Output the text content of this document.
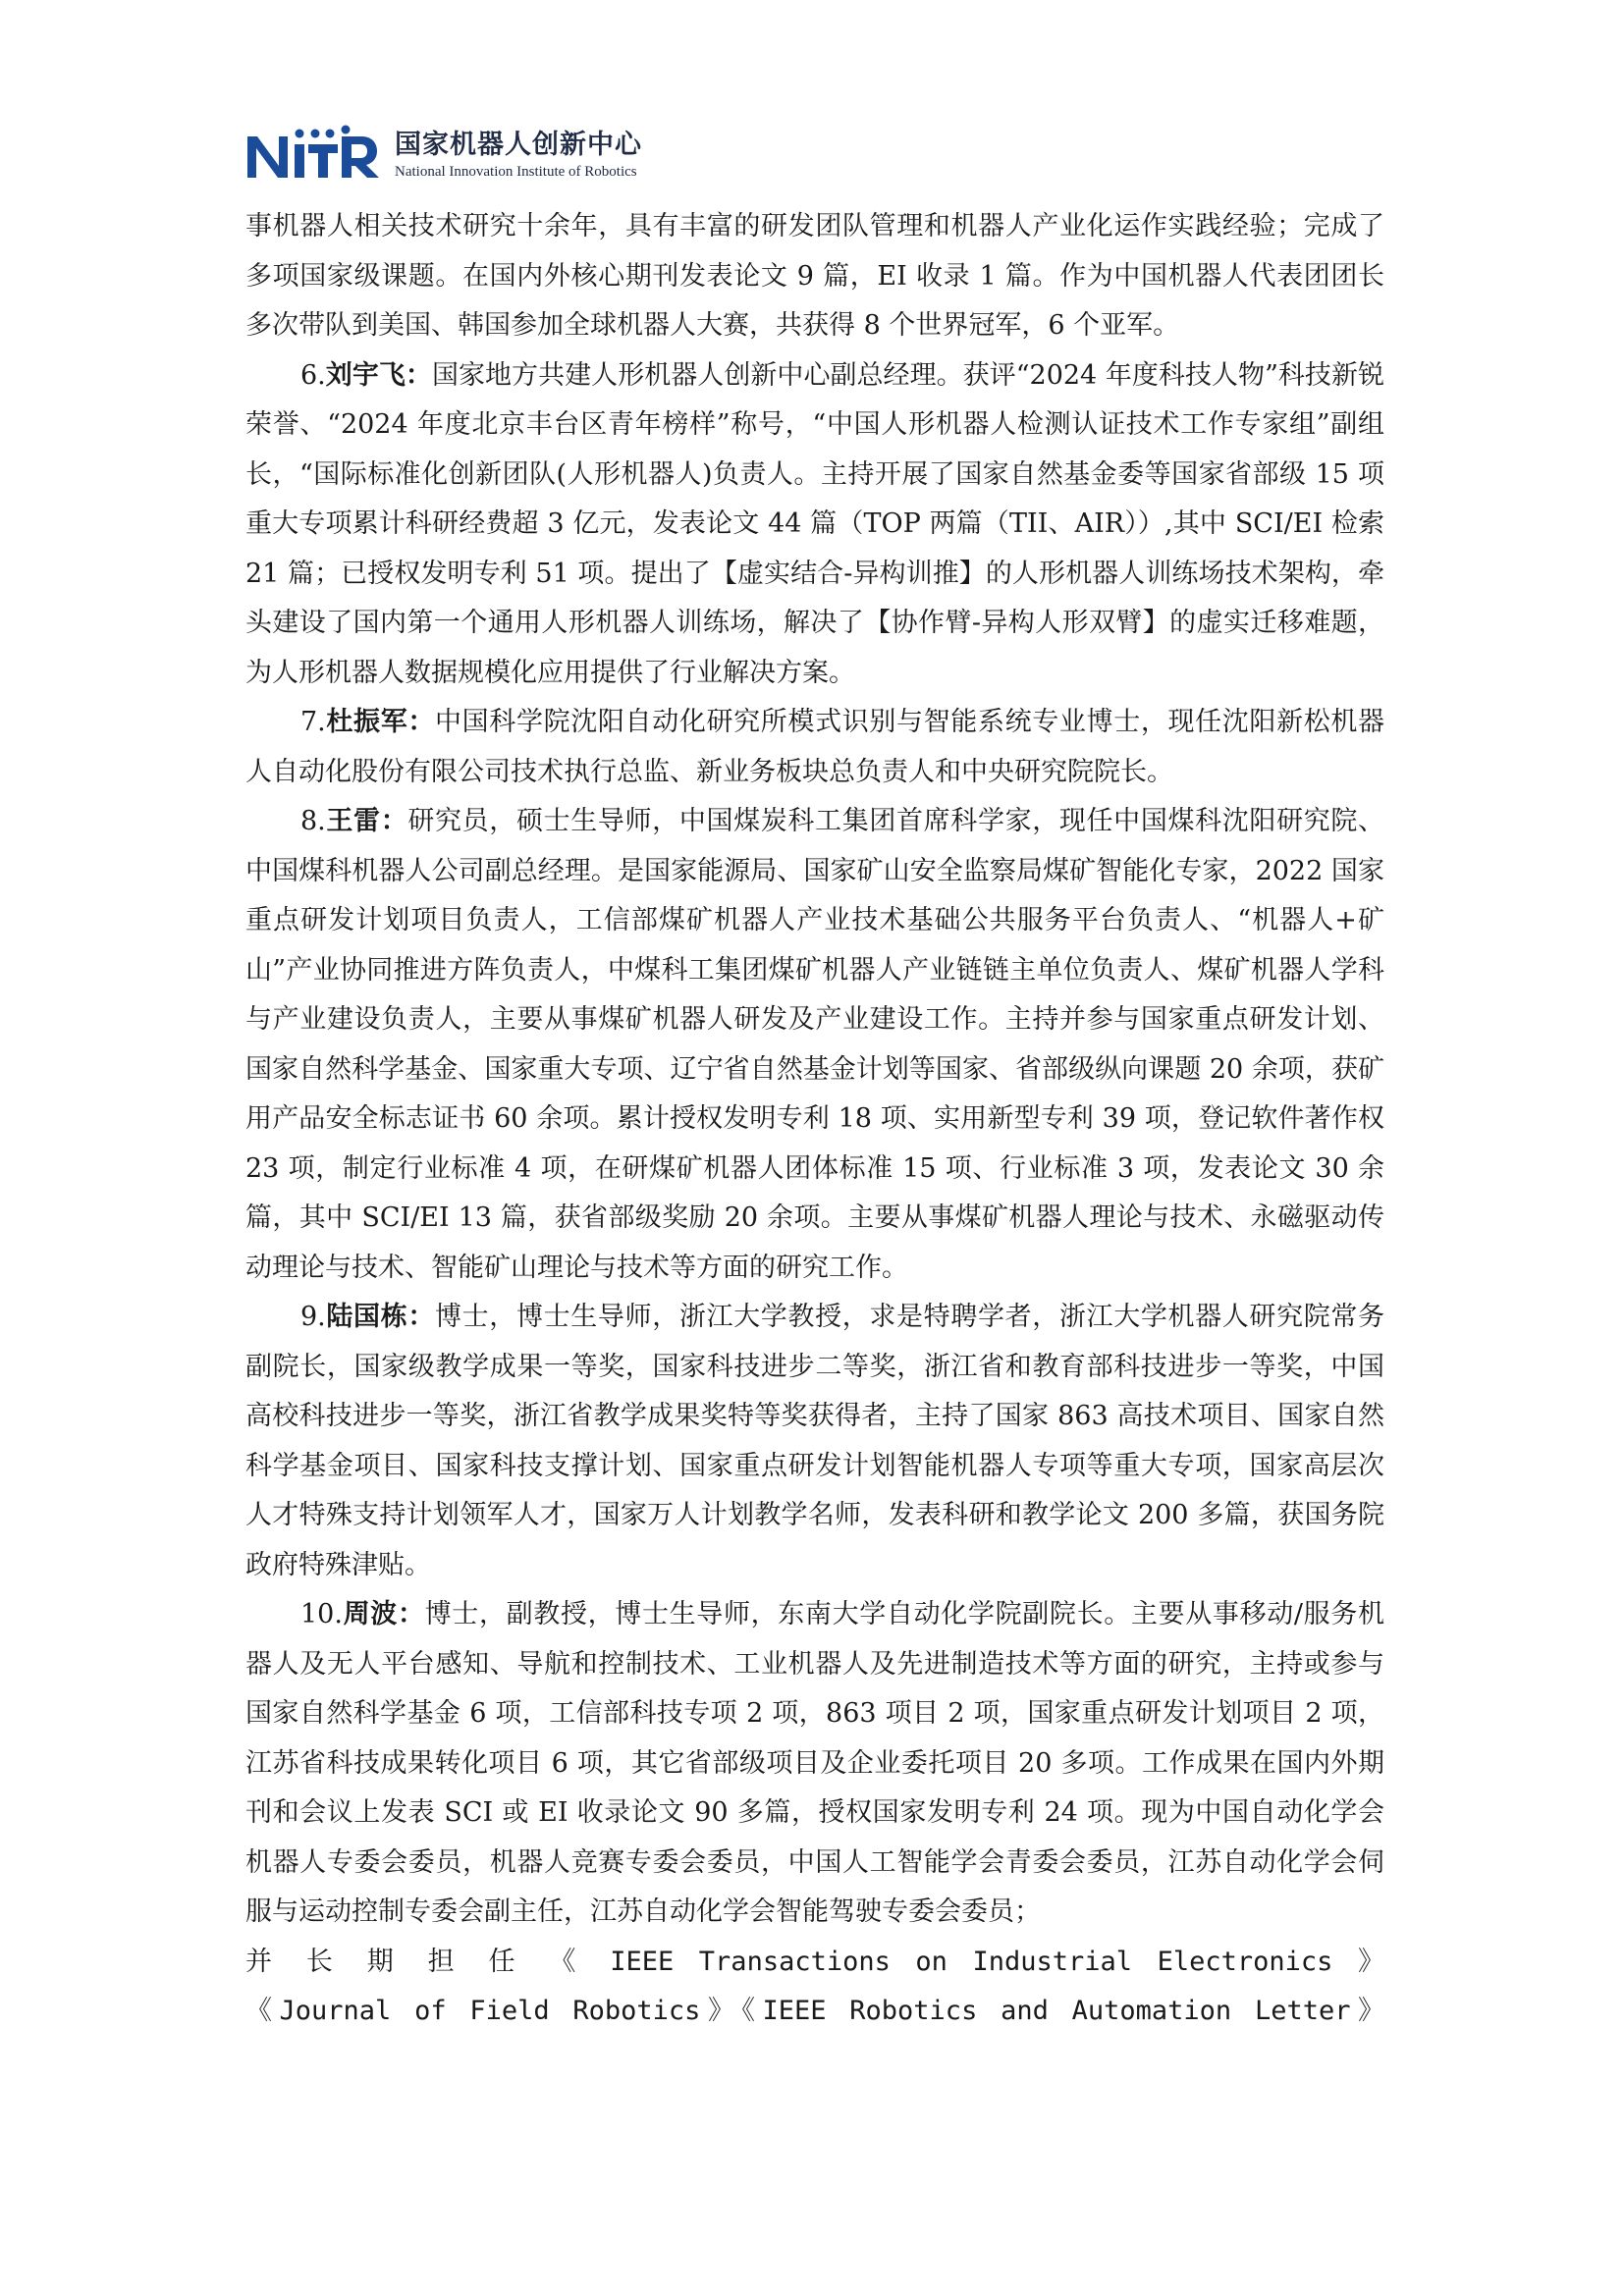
国家机器人创新中心
National Innovation Institute of Robotics

事机器人相关技术研究十余年，具有丰富的研发团队管理和机器人产业化运作实践经验；完成了多项国家级课题。在国内外核心期刊发表论文 9 篇，EI 收录 1 篇。作为中国机器人代表团团长多次带队到美国、韩国参加全球机器人大赛，共获得 8 个世界冠军，6 个亚军。

6.刘宇飞：国家地方共建人形机器人创新中心副总经理。获评“2024 年度科技人物”科技新锐荣誉、“2024 年度北京丰台区青年榜样”称号，“中国人形机器人检测认证技术工作专家组”副组长，“国际标准化创新团队(人形机器人)负责人。主持开展了国家自然基金委等国家省部级 15 项重大专项累计科研经费超 3 亿元，发表论文 44 篇（TOP 两篇（TII、AIR））,其中 SCI/EI 检索 21 篇；已授权发明专利 51 项。提出了【虚实结合-异构训推】的人形机器人训练场技术架构，牵头建设了国内第一个通用人形机器人训练场，解决了【协作臂-异构人形双臂】的虚实迁移难题，为人形机器人数据规模化应用提供了行业解决方案。

7.杜振军：中国科学院沈阳自动化研究所模式识别与智能系统专业博士，现任沈阳新松机器人自动化股份有限公司技术执行总监、新业务板块总负责人和中央研究院院长。

8.王雷：研究员，硕士生导师，中国煤炭科工集团首席科学家，现任中国煤科沈阳研究院、中国煤科机器人公司副总经理。是国家能源局、国家矿山安全监察局煤矿智能化专家，2022 国家重点研发计划项目负责人，工信部煤矿机器人产业技术基础公共服务平台负责人、“机器人+矿山”产业协同推进方阵负责人，中煤科工集团煤矿机器人产业链链主单位负责人、煤矿机器人学科与产业建设负责人，主要从事煤矿机器人研发及产业建设工作。主持并参与国家重点研发计划、国家自然科学基金、国家重大专项、辽宁省自然基金计划等国家、省部级纵向课题 20 余项，获矿用产品安全标志证书 60 余项。累计授权发明专利 18 项、实用新型专利 39 项，登记软件著作权 23 项，制定行业标准 4 项，在研煤矿机器人团体标准 15 项、行业标准 3 项，发表论文 30 余篇，其中 SCI/EI 13 篇，获省部级奖励 20 余项。主要从事煤矿机器人理论与技术、永磁驱动传动理论与技术、智能矿山理论与技术等方面的研究工作。

9.陆国栋：博士，博士生导师，浙江大学教授，求是特聘学者，浙江大学机器人研究院常务副院长，国家级教学成果一等奖，国家科技进步二等奖，浙江省和教育部科技进步一等奖，中国高校科技进步一等奖，浙江省教学成果奖特等奖获得者，主持了国家 863 高技术项目、国家自然科学基金项目、国家科技支撑计划、国家重点研发计划智能机器人专项等重大专项，国家高层次人才特殊支持计划领军人才，国家万人计划教学名师，发表科研和教学论文 200 多篇，获国务院政府特殊津贴。

10.周波：博士，副教授，博士生导师，东南大学自动化学院副院长。主要从事移动/服务机器人及无人平台感知、导航和控制技术、工业机器人及先进制造技术等方面的研究，主持或参与国家自然科学基金 6 项，工信部科技专项 2 项，863 项目 2 项，国家重点研发计划项目 2 项，江苏省科技成果转化项目 6 项，其它省部级项目及企业委托项目 20 多项。工作成果在国内外期刊和会议上发表 SCI 或 EI 收录论文 90 多篇，授权国家发明专利 24 项。现为中国自动化学会机器人专委会委员，机器人竞赛专委会委员，中国人工智能学会青委会委员，江苏自动化学会伺服与运动控制专委会副主任，江苏自动化学会智能驾驶专委会委员；

并 长 期 担 任 《 IEEE Transactions on Industrial Electronics 》

《Journal of Field Robotics》《IEEE Robotics and Automation Letter》
